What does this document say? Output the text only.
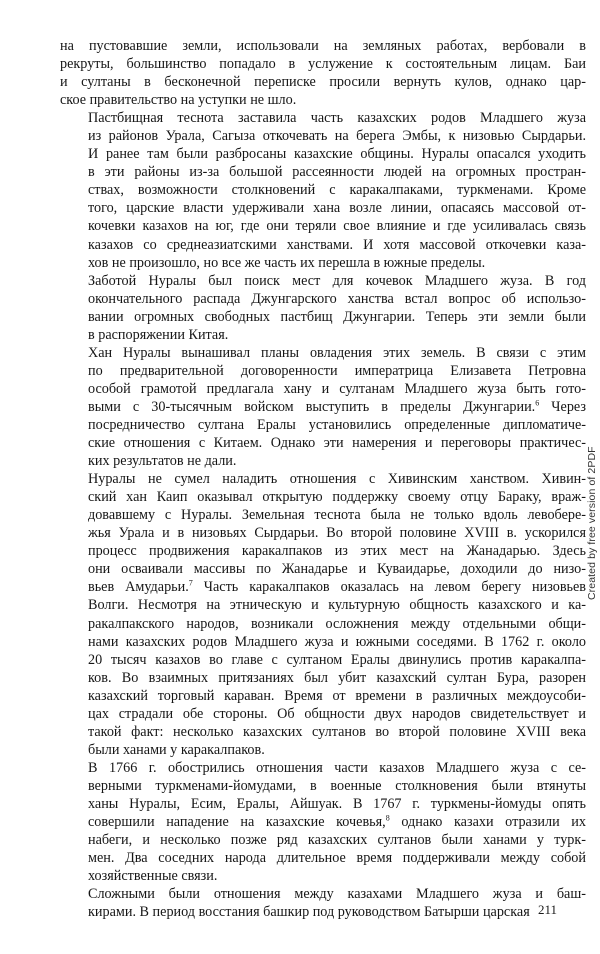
на пустовавшие земли, использовали на земляных работах, вербовали в
рекруты, большинство попадало в услужение к состоятельным лицам. Баи
и султаны в бесконечной переписке просили вернуть кулов, однако цар-
ское правительство на уступки не шло.

Пастбищная теснота заставила часть казахских родов Младшего жуза
из районов Урала, Сагыза откочевать на берега Эмбы, к низовью Сырдарьи.
И ранее там были разбросаны казахские общины. Нуралы опасался уходить
в эти районы из-за большой рассеянности людей на огромных простран-
ствах, возможности столкновений с каракалпаками, туркменами. Кроме
того, царские власти удерживали хана возле линии, опасаясь массовой от-
кочевки казахов на юг, где они теряли свое влияние и где усиливалась связь
казахов со среднеазиатскими ханствами. И хотя массовой откочевки каза-
хов не произошло, но все же часть их перешла в южные пределы.

Заботой Нуралы был поиск мест для кочевок Младшего жуза. В год
окончательного распада Джунгарского ханства встал вопрос об использо-
вании огромных свободных пастбищ Джунгарии. Теперь эти земли были
в распоряжении Китая.

Хан Нуралы вынашивал планы овладения этих земель. В связи с этим
по предварительной договоренности императрица Елизавета Петровна
особой грамотой предлагала хану и султанам Младшего жуза быть гото-
выми с 30-тысячным войском выступить в пределы Джунгарии.$^6$ Через
посредничество султана Ералы установились определенные дипломатиче-
ские отношения с Китаем. Однако эти намерения и переговоры практичес-
ких результатов не дали.

Нуралы не сумел наладить отношения с Хивинским ханством. Хивин-
ский хан Каип оказывал открытую поддержку своему отцу Бараку, враж-
довавшему с Нуралы. Земельная теснота была не только вдоль левобере-
жья Урала и в низовьях Сырдарьи. Во второй половине XVIII в. ускорился
процесс продвижения каракалпаков из этих мест на Жанадарью. Здесь
они осваивали массивы по Жанадарье и Куваидарье, доходили до низо-
вьев Амударьи.$^7$ Часть каракалпаков оказалась на левом берегу низовьев
Волги. Несмотря на этническую и культурную общность казахского и ка-
ракалпакского народов, возникали осложнения между отдельными общи-
нами казахских родов Младшего жуза и южными соседями. В 1762 г. около
20 тысяч казахов во главе с султаном Ералы двинулись против каракалпа-
ков. Во взаимных притязаниях был убит казахский султан Бура, разорен
казахский торговый караван. Время от времени в различных междоусоби-
цах страдали обе стороны. Об общности двух народов свидетельствует и
такой факт: несколько казахских султанов во второй половине XVIII века
были ханами у каракалпаков.

В 1766 г. обострились отношения части казахов Младшего жуза с се-
верными туркменами-йомудами, в военные столкновения были втянуты
ханы Нуралы, Есим, Ералы, Айшуак. В 1767 г. туркмены-йомуды опять
совершили нападение на казахские кочевья,$^8$ однако казахи отразили их
набеги, и несколько позже ряд казахских султанов были ханами у турк-
мен. Два соседних народа длительное время поддерживали между собой
хозяйственные связи.

Сложными были отношения между казахами Младшего жуза и баш-
кирами. В период восстания башкир под руководством Батырши царская

Created by free version of 2PDF
211
